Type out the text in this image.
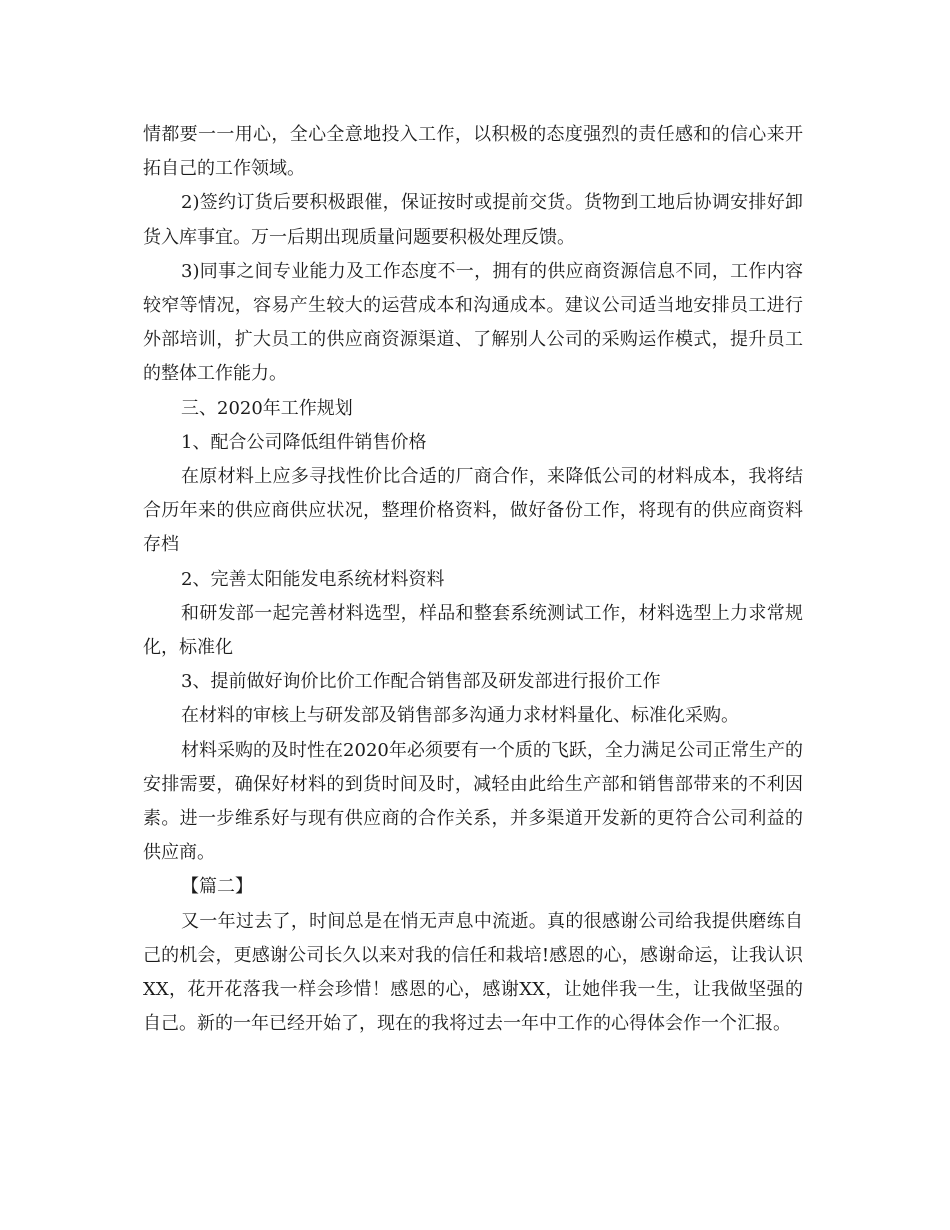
情都要一一用心，全心全意地投入工作，以积极的态度强烈的责任感和的信心来开拓自己的工作领域。

2)签约订货后要积极跟催，保证按时或提前交货。货物到工地后协调安排好卸货入库事宜。万一后期出现质量问题要积极处理反馈。

3)同事之间专业能力及工作态度不一，拥有的供应商资源信息不同，工作内容较窄等情况，容易产生较大的运营成本和沟通成本。建议公司适当地安排员工进行外部培训，扩大员工的供应商资源渠道、了解别人公司的采购运作模式，提升员工的整体工作能力。

三、2020年工作规划

1、配合公司降低组件销售价格

在原材料上应多寻找性价比合适的厂商合作，来降低公司的材料成本，我将结合历年来的供应商供应状况，整理价格资料，做好备份工作，将现有的供应商资料存档

2、完善太阳能发电系统材料资料

和研发部一起完善材料选型，样品和整套系统测试工作，材料选型上力求常规化，标准化

3、提前做好询价比价工作配合销售部及研发部进行报价工作

在材料的审核上与研发部及销售部多沟通力求材料量化、标准化采购。

材料采购的及时性在2020年必须要有一个质的飞跃，全力满足公司正常生产的安排需要，确保好材料的到货时间及时，减轻由此给生产部和销售部带来的不利因素。进一步维系好与现有供应商的合作关系，并多渠道开发新的更符合公司利益的供应商。

【篇二】

又一年过去了，时间总是在悄无声息中流逝。真的很感谢公司给我提供磨练自己的机会，更感谢公司长久以来对我的信任和栽培!感恩的心，感谢命运，让我认识XX，花开花落我一样会珍惜！感恩的心，感谢XX，让她伴我一生，让我做坚强的自己。新的一年已经开始了，现在的我将过去一年中工作的心得体会作一个汇报。
